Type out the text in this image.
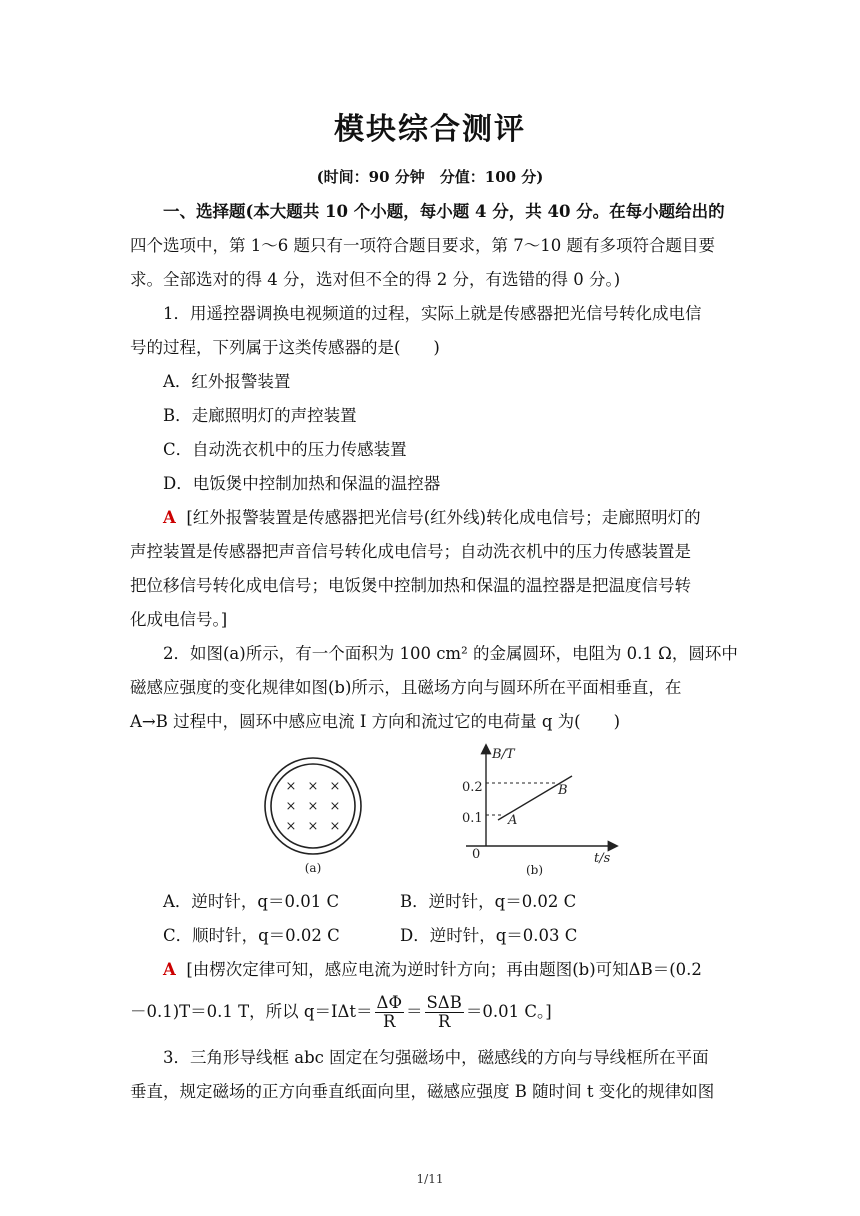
模块综合测评
(时间：90 分钟　分值：100 分)
一、选择题(本大题共 10 个小题，每小题 4 分，共 40 分。在每小题给出的
四个选项中，第 1～6 题只有一项符合题目要求，第 7～10 题有多项符合题目要
求。全部选对的得 4 分，选对但不全的得 2 分，有选错的得 0 分。)
1．用遥控器调换电视频道的过程，实际上就是传感器把光信号转化成电信
号的过程，下列属于这类传感器的是(　　)
A．红外报警装置
B．走廊照明灯的声控装置
C．自动洗衣机中的压力传感装置
D．电饭煲中控制加热和保温的温控器
A [红外报警装置是传感器把光信号(红外线)转化成电信号；走廊照明灯的
声控装置是传感器把声音信号转化成电信号；自动洗衣机中的压力传感装置是
把位移信号转化成电信号；电饭煲中控制加热和保温的温控器是把温度信号转
化成电信号。]
2．如图(a)所示，有一个面积为 100 cm² 的金属圆环，电阻为 0.1 Ω，圆环中
磁感应强度的变化规律如图(b)所示，且磁场方向与圆环所在平面相垂直，在
A→B 过程中，圆环中感应电流 I 方向和流过它的电荷量 q 为(　　)
× × ×
× × ×
× × ×
(a)
B/T
t/s
0
0.2
0.1 A
B
(b)
A．逆时针，q＝0.01 C	B．逆时针，q＝0.02 C
C．顺时针，q＝0.02 C	D．逆时针，q＝0.03 C
A [由楞次定律可知，感应电流为逆时针方向；再由题图(b)可知ΔB＝(0.2
－0.1)T＝0.1 T，所以 $q=I\Delta t= \frac{\Delta\Phi}{R} = \frac{\text{SΔB}}{R} =0.01$ C。]
3．三角形导线框 abc 固定在匀强磁场中，磁感线的方向与导线框所在平面
垂直，规定磁场的正方向垂直纸面向里，磁感应强度 B 随时间 t 变化的规律如图
1/11
